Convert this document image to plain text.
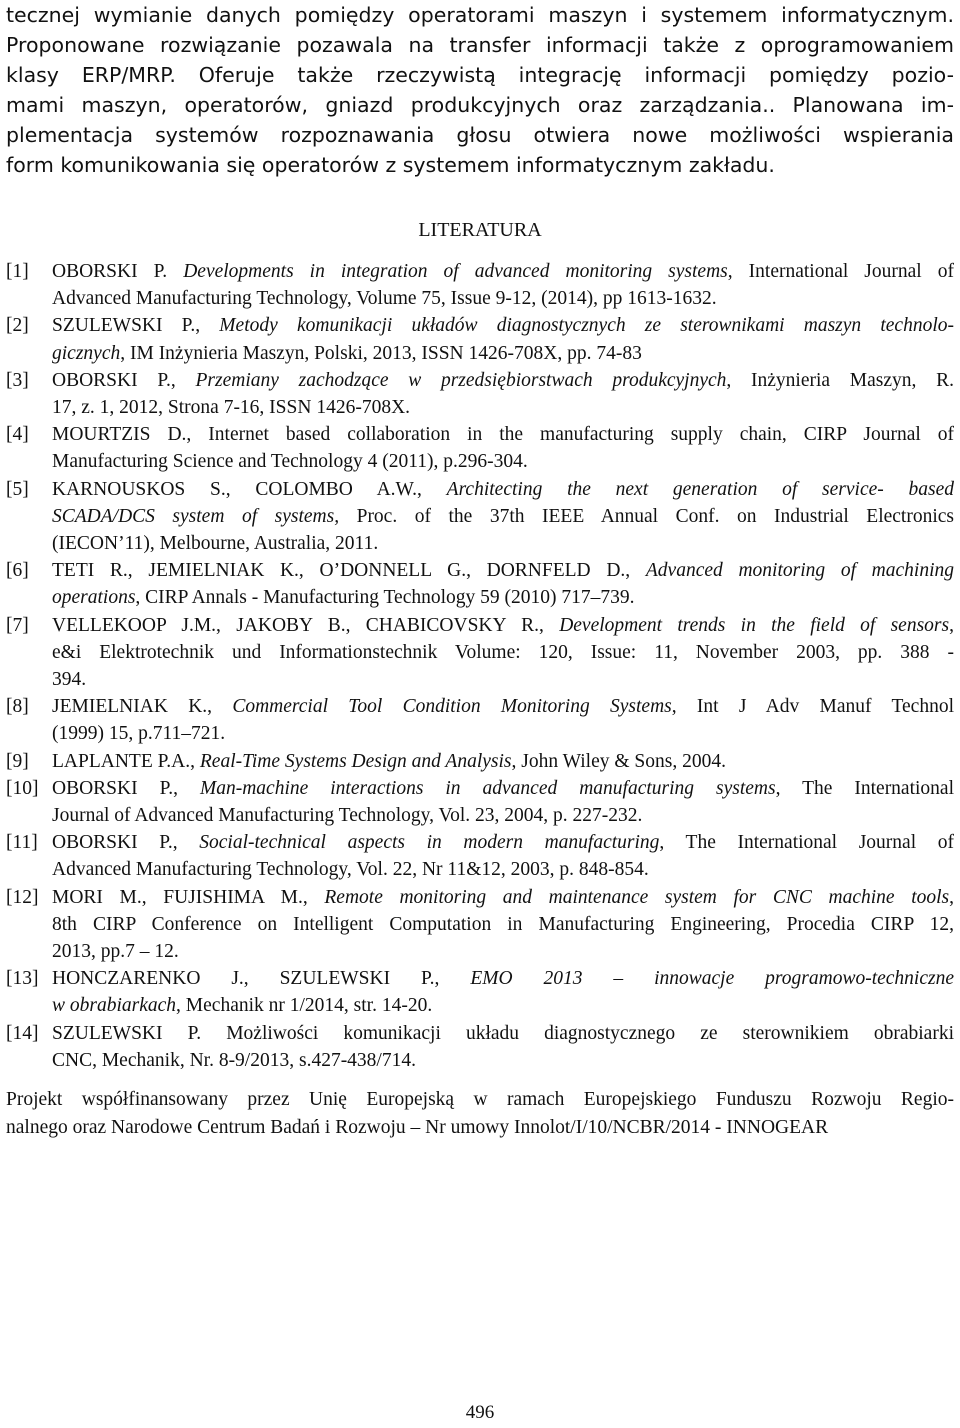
tecznej wymianie danych pomiędzy operatorami maszyn i systemem informatycznym.
Proponowane rozwiązanie pozawala na transfer informacji także z oprogramowaniem
klasy ERP/MRP. Oferuje także rzeczywistą integrację informacji pomiędzy pozio-
mami maszyn, operatorów, gniazd produkcyjnych oraz zarządzania.. Planowana im-
plementacja systemów rozpoznawania głosu otwiera nowe możliwości wspierania
form komunikowania się operatorów z systemem informatycznym zakładu.
LITERATURA
[1] OBORSKI P. Developments in integration of advanced monitoring systems, International Journal of
Advanced Manufacturing Technology, Volume 75, Issue 9-12, (2014), pp 1613-1632.
[2] SZULEWSKI P., Metody komunikacji układów diagnostycznych ze sterownikami maszyn technolo-
gicznych, IM Inżynieria Maszyn, Polski, 2013, ISSN 1426-708X, pp. 74-83
[3] OBORSKI P., Przemiany zachodzące w przedsiębiorstwach produkcyjnych, Inżynieria Maszyn, R.
17, z. 1, 2012, Strona 7-16, ISSN 1426-708X.
[4] MOURTZIS D., Internet based collaboration in the manufacturing supply chain, CIRP Journal of
Manufacturing Science and Technology 4 (2011), p.296-304.
[5] KARNOUSKOS S., COLOMBO A.W., Architecting the next generation of service- based
SCADA/DCS system of systems, Proc. of the 37th IEEE Annual Conf. on Industrial Electronics
(IECON’11), Melbourne, Australia, 2011.
[6] TETI R., JEMIELNIAK K., O’DONNELL G., DORNFELD D., Advanced monitoring of machining
operations, CIRP Annals - Manufacturing Technology 59 (2010) 717–739.
[7] VELLEKOOP J.M., JAKOBY B., CHABICOVSKY R., Development trends in the field of sensors,
e&i Elektrotechnik und Informationstechnik Volume: 120, Issue: 11, November 2003, pp. 388 -
394.
[8] JEMIELNIAK K., Commercial Tool Condition Monitoring Systems, Int J Adv Manuf Technol
(1999) 15, p.711–721.
[9] LAPLANTE P.A., Real-Time Systems Design and Analysis, John Wiley & Sons, 2004.
[10] OBORSKI P., Man-machine interactions in advanced manufacturing systems, The International
Journal of Advanced Manufacturing Technology, Vol. 23, 2004, p. 227-232.
[11] OBORSKI P., Social-technical aspects in modern manufacturing, The International Journal of
Advanced Manufacturing Technology, Vol. 22, Nr 11&12, 2003, p. 848-854.
[12] MORI M., FUJISHIMA M., Remote monitoring and maintenance system for CNC machine tools,
8th CIRP Conference on Intelligent Computation in Manufacturing Engineering, Procedia CIRP 12,
2013, pp.7 – 12.
[13] HONCZARENKO J., SZULEWSKI P., EMO 2013 – innowacje programowo-techniczne
w obrabiarkach, Mechanik nr 1/2014, str. 14-20.
[14] SZULEWSKI P. Możliwości komunikacji układu diagnostycznego ze sterownikiem obrabiarki
CNC, Mechanik, Nr. 8-9/2013, s.427-438/714.
Projekt współfinansowany przez Unię Europejską w ramach Europejskiego Funduszu Rozwoju Regio-
nalnego oraz Narodowe Centrum Badań i Rozwoju – Nr umowy Innolot/I/10/NCBR/2014 - INNOGEAR
496
